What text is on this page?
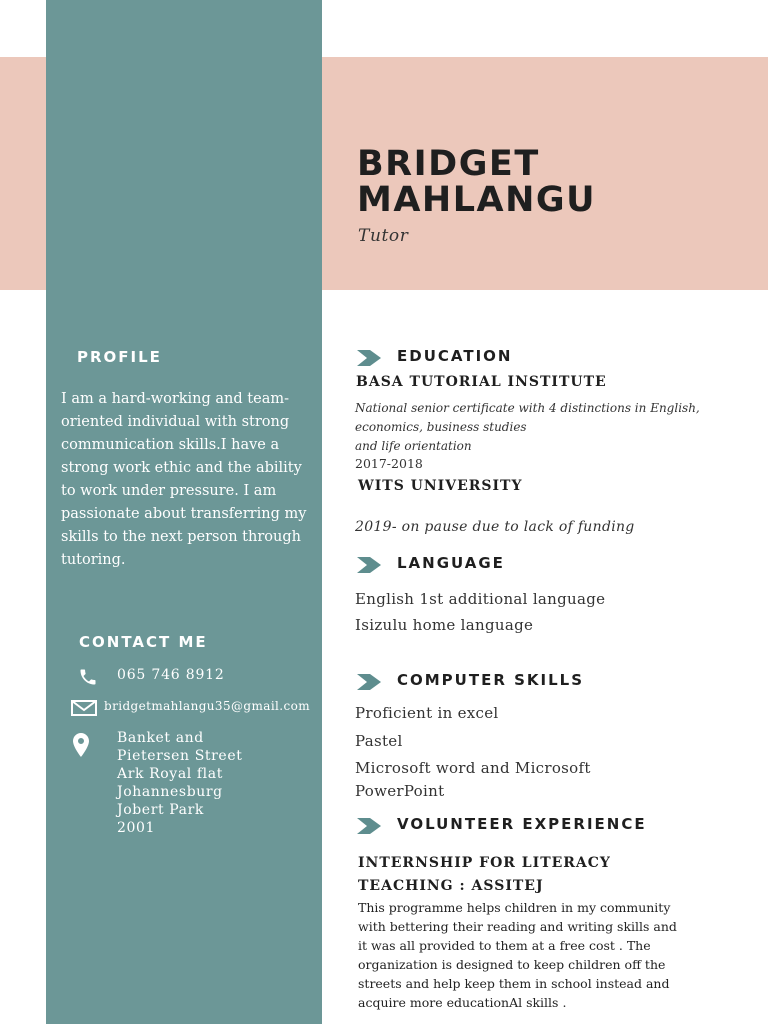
BRIDGET
MAHLANGU
Tutor
PROFILE

I am a hard-working and team-oriented individual with strong communication skills.I have a strong work ethic and the ability to work under pressure. I am passionate about transferring my skills to the next person through tutoring.

CONTACT ME
065 746 8912
bridgetmahlangu35@gmail.com
Banket and
Pietersen Street
Ark Royal flat
Johannesburg
Jobert Park
2001
EDUCATION
BASA TUTORIAL INSTITUTE
National senior certificate with 4 distinctions in English,
economics, business studies
and life orientation
2017-2018
WITS UNIVERSITY
2019- on pause due to lack of funding
LANGUAGE
English 1st additional language
Isizulu home language
COMPUTER SKILLS
Proficient in excel
Pastel
Microsoft word and Microsoft
PowerPoint
VOLUNTEER EXPERIENCE
INTERNSHIP FOR LITERACY
TEACHING : ASSITEJ
This programme helps children in my community
with bettering their reading and writing skills and
it was all provided to them at a free cost . The
organization is designed to keep children off the
streets and help keep them in school instead and
acquire more educationAl skills .
